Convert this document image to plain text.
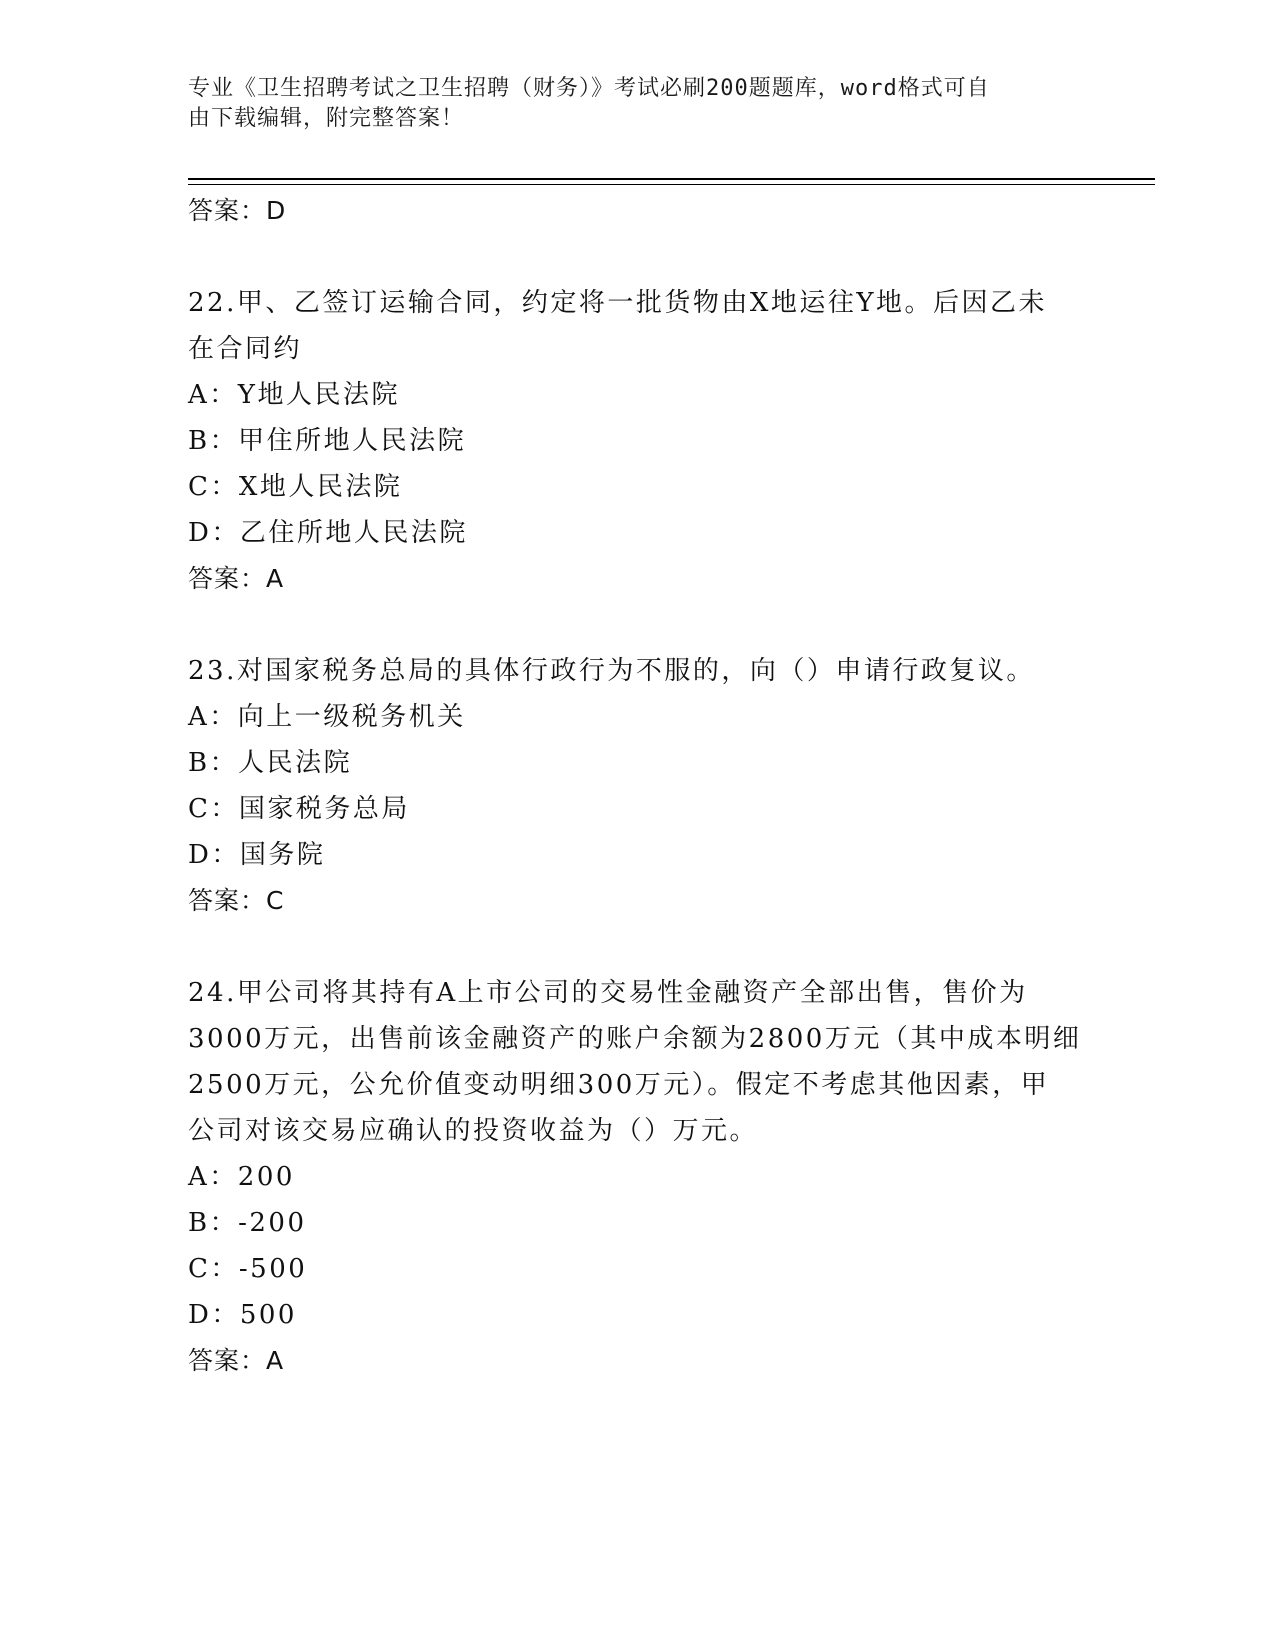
专业《卫生招聘考试之卫生招聘（财务）》考试必刷200题题库，word格式可自
由下载编辑，附完整答案！
答案：D
22.甲、乙签订运输合同，约定将一批货物由X地运往Y地。后因乙未
在合同约
A：Y地人民法院
B：甲住所地人民法院
C：X地人民法院
D：乙住所地人民法院
答案：A
23.对国家税务总局的具体行政行为不服的，向（）申请行政复议。
A：向上一级税务机关
B：人民法院
C：国家税务总局
D：国务院
答案：C
24.甲公司将其持有A上市公司的交易性金融资产全部出售，售价为
3000万元，出售前该金融资产的账户余额为2800万元（其中成本明细
2500万元，公允价值变动明细300万元）。假定不考虑其他因素，甲
公司对该交易应确认的投资收益为（）万元。
A：200
B：-200
C：-500
D：500
答案：A
